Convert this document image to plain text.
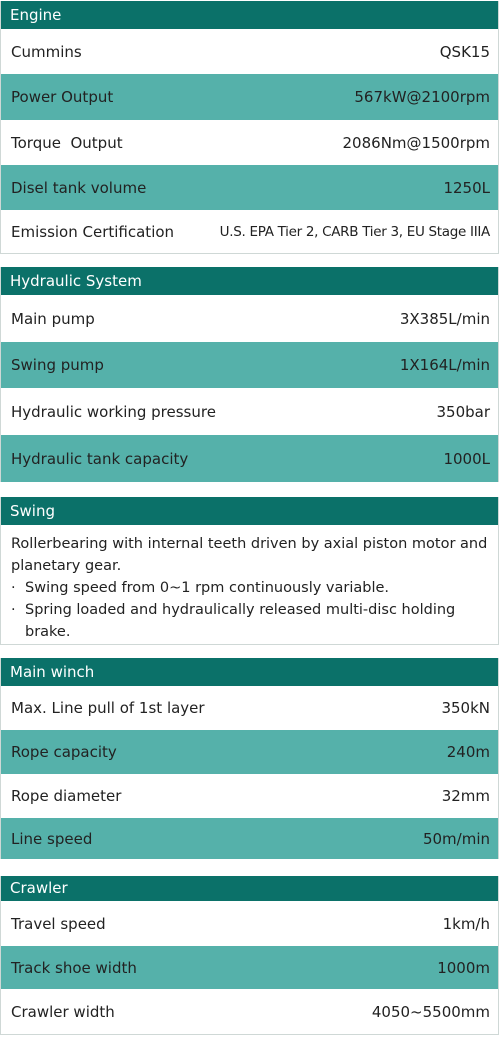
Engine
Cummins	QSK15
Power Output	567kW@2100rpm
Torque  Output	2086Nm@1500rpm
Disel tank volume	1250L
Emission Certification	U.S. EPA Tier 2, CARB Tier 3, EU Stage IIIA
Hydraulic System
Main pump	3X385L/min
Swing pump	1X164L/min
Hydraulic working pressure	350bar
Hydraulic tank capacity	1000L
Swing
Rollerbearing with internal teeth driven by axial piston motor and planetary gear.
· Swing speed from 0~1 rpm continuously variable.
· Spring loaded and hydraulically released multi-disc holding brake.
Main winch
Max. Line pull of 1st layer	350kN
Rope capacity	240m
Rope diameter	32mm
Line speed	50m/min
Crawler
Travel speed	1km/h
Track shoe width	1000m
Crawler width	4050~5500mm
